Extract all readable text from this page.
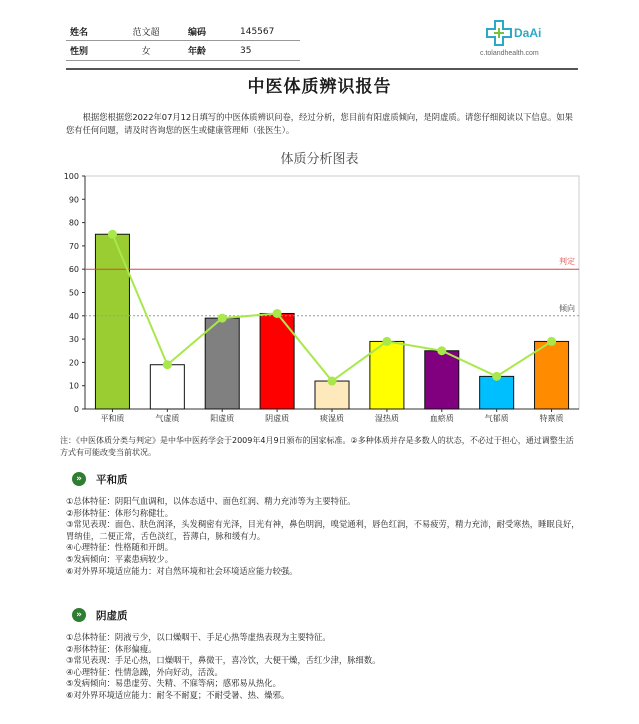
姓名	范文超	编码	145567
性别	女	年龄	35
DaAi
c.tolandhealth.com
中医体质辨识报告
根据您根据您2022年07月12日填写的中医体质辨识问卷，经过分析，您目前有阳虚质倾向，是阴虚质。请您仔细阅读以下信息。如果您有任何问题，请及时咨询您的医生或健康管理师（张医生）。
体质分析图表
0
10
20
30
40
50
60
70
80
90
100
平和质	气虚质	阳虚质	阴虚质	痰湿质	湿热质	血瘀质	气郁质	特禀质
判定
倾向
注：《中医体质分类与判定》是中华中医药学会于2009年4月9日颁布的国家标准。②多种体质并存是多数人的状态，不必过于担心，通过调整生活方式有可能改变当前状况。
»	平和质
①总体特征：阴阳气血调和，以体态适中、面色红润、精力充沛等为主要特征。
②形体特征：体形匀称健壮。
③常见表现：面色、肤色润泽，头发稠密有光泽，目光有神，鼻色明润，嗅觉通利，唇色红润，不易疲劳，精力充沛，耐受寒热，睡眠良好，胃纳佳，二便正常，舌色淡红，苔薄白，脉和缓有力。
④心理特征：性格随和开朗。
⑤发病倾向：平素患病较少。
⑥对外界环境适应能力：对自然环境和社会环境适应能力较强。
»	阴虚质
①总体特征：阴液亏少，以口燥咽干、手足心热等虚热表现为主要特征。
②形体特征：体形偏瘦。
③常见表现：手足心热，口燥咽干，鼻微干，喜冷饮，大便干燥，舌红少津，脉细数。
④心理特征：性情急躁，外向好动，活泼。
⑤发病倾向：易患虚劳、失精、不寐等病；感邪易从热化。
⑥对外界环境适应能力：耐冬不耐夏；不耐受暑、热、燥邪。
